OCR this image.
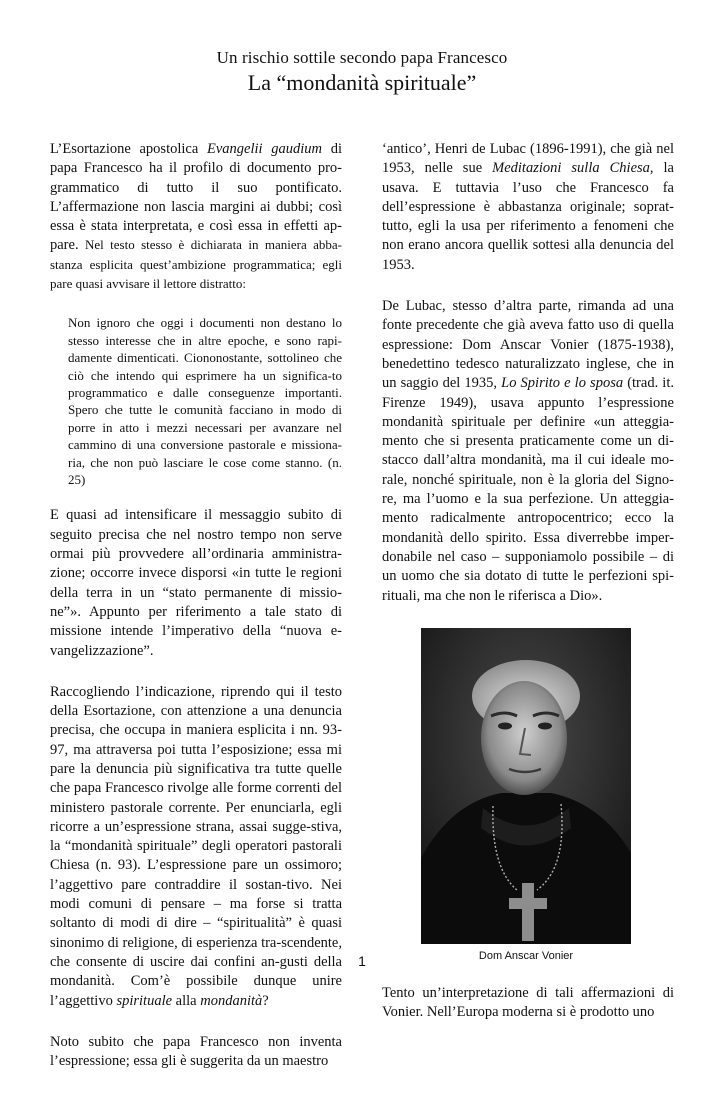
Un rischio sottile secondo papa Francesco
La “mondanità spirituale”

L’Esortazione apostolica Evangelii gaudium di papa Francesco ha il profilo di documento pro-grammatico di tutto il suo pontificato. L’affermazione non lascia margini ai dubbi; così essa è stata interpretata, e così essa in effetti ap-pare. Nel testo stesso è dichiarata in maniera abba-stanza esplicita quest’ambizione programmatica; egli pare quasi avvisare il lettore distratto:

Non ignoro che oggi i documenti non destano lo stesso interesse che in altre epoche, e sono rapi-damente dimenticati. Ciononostante, sottolineo che ciò che intendo qui esprimere ha un significa-to programmatico e dalle conseguenze importanti. Spero che tutte le comunità facciano in modo di porre in atto i mezzi necessari per avanzare nel cammino di una conversione pastorale e missiona-ria, che non può lasciare le cose come stanno. (n. 25)

E quasi ad intensificare il messaggio subito di seguito precisa che nel nostro tempo non serve ormai più provvedere all’ordinaria amministra-zione; occorre invece disporsi «in tutte le regioni della terra in un “stato permanente di missio-ne”». Appunto per riferimento a tale stato di missione intende l’imperativo della “nuova e-vangelizzazione”.

Raccogliendo l’indicazione, riprendo qui il testo della Esortazione, con attenzione a una denuncia precisa, che occupa in maniera esplicita i nn. 93-97, ma attraversa poi tutta l’esposizione; essa mi pare la denuncia più significativa tra tutte quelle che papa Francesco rivolge alle forme correnti del ministero pastorale corrente. Per enunciarla, egli ricorre a un’espressione strana, assai sugge-stiva, la “mondanità spirituale” degli operatori pastorali Chiesa (n. 93). L’espressione pare un ossimoro; l’aggettivo pare contraddire il sostan-tivo. Nei modi comuni di pensare – ma forse si tratta soltanto di modi di dire – “spiritualità” è quasi sinonimo di religione, di esperienza tra-scendente, che consente di uscire dai confini an-gusti della mondanità. Com’è possibile dunque unire l’aggettivo spirituale alla mondanità?

Noto subito che papa Francesco non inventa l’espressione; essa gli è suggerita da un maestro

‘antico’, Henri de Lubac (1896-1991), che già nel 1953, nelle sue Meditazioni sulla Chiesa, la usava. E tuttavia l’uso che Francesco fa dell’espressione è abbastanza originale; soprat-tutto, egli la usa per riferimento a fenomeni che non erano ancora quellik sottesi alla denuncia del 1953.

De Lubac, stesso d’altra parte, rimanda ad una fonte precedente che già aveva fatto uso di quella espressione: Dom Anscar Vonier (1875-1938), benedettino tedesco naturalizzato inglese, che in un saggio del 1935, Lo Spirito e lo sposa (trad. it. Firenze 1949), usava appunto l’espressione mondanità spirituale per definire «un atteggia-mento che si presenta praticamente come un di-stacco dall’altra mondanità, ma il cui ideale mo-rale, nonché spirituale, non è la gloria del Signo-re, ma l’uomo e la sua perfezione. Un atteggia-mento radicalmente antropocentrico; ecco la mondanità dello spirito. Essa diverrebbe imper-donabile nel caso – supponiamolo possibile – di un uomo che sia dotato di tutte le perfezioni spi-rituali, ma che non le riferisca a Dio».

Dom Anscar Vonier

Tento un’interpretazione di tali affermazioni di Vonier. Nell’Europa moderna si è prodotto uno

1
